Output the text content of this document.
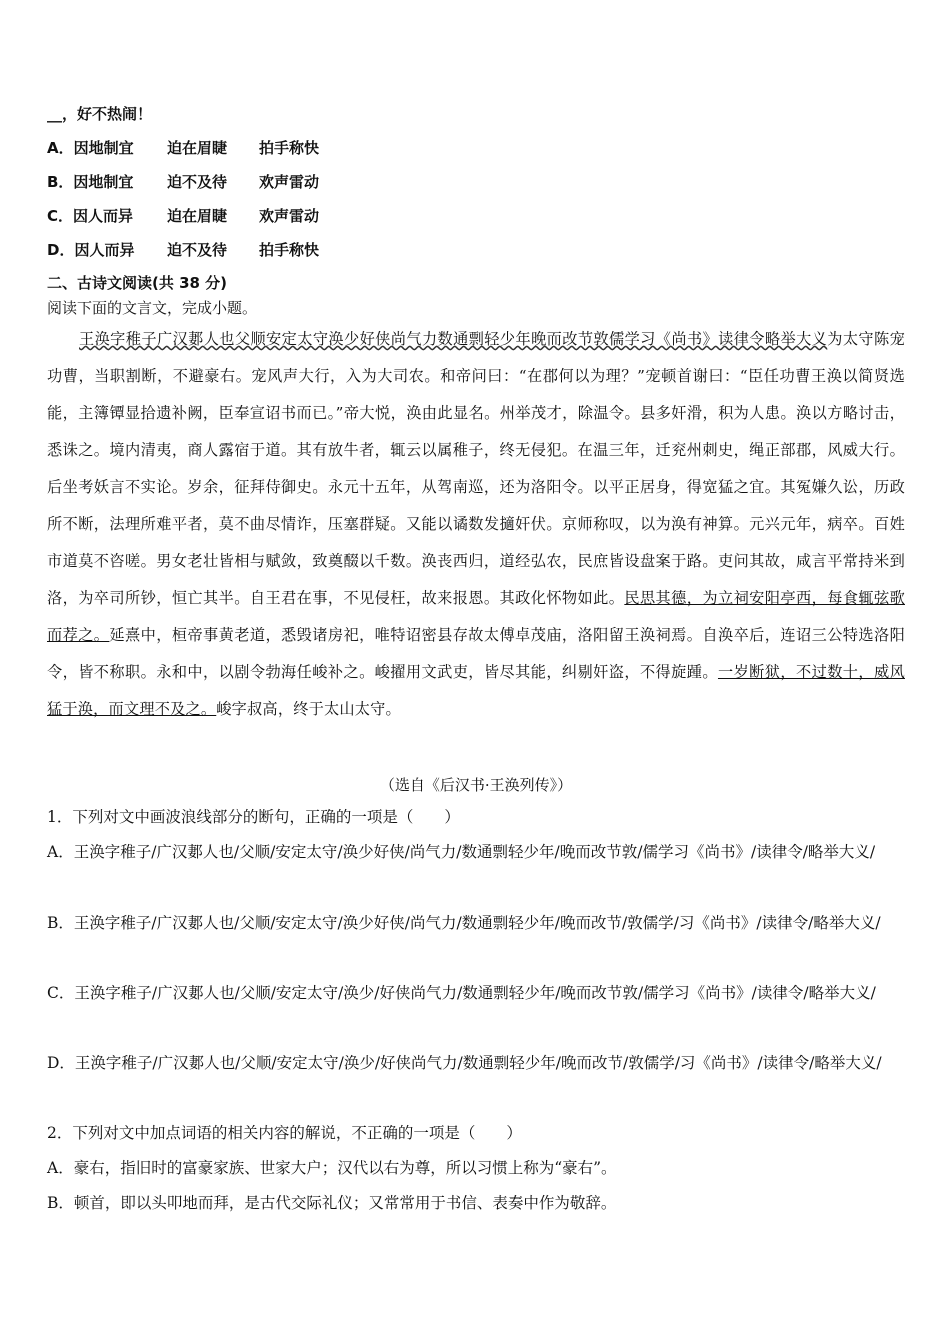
__，好不热闹！
A．因地制宜 迫在眉睫 拍手称快
B．因地制宜 迫不及待 欢声雷动
C．因人而异 迫在眉睫 欢声雷动
D．因人而异 迫不及待 拍手称快
二、古诗文阅读(共 38 分)
阅读下面的文言文，完成小题。
王涣字稚子广汉郪人也父顺安定太守涣少好侠尚气力数通剽轻少年晚而改节敦儒学习《尚书》读律令略举大义为太守陈宠功曹，当职割断，不避豪右。宠风声大行，入为大司农。和帝问曰：“在郡何以为理？”宠顿首谢曰：“臣任功曹王涣以简贤选能，主簿镡显拾遗补阙，臣奉宣诏书而已。”帝大悦，涣由此显名。州举茂才，除温令。县多奸滑，积为人患。涣以方略讨击，悉诛之。境内清夷，商人露宿于道。其有放牛者，辄云以属稚子，终无侵犯。在温三年，迁兖州刺史，绳正部郡，风威大行。后坐考妖言不实论。岁余，征拜侍御史。永元十五年，从驾南巡，还为洛阳令。以平正居身，得宽猛之宜。其冤嫌久讼，历政所不断，法理所难平者，莫不曲尽情诈，压塞群疑。又能以谲数发擿奸伏。京师称叹，以为涣有神算。元兴元年，病卒。百姓市道莫不咨嗟。男女老壮皆相与赋敛，致奠醊以千数。涣丧西归，道经弘农，民庶皆设盘案于路。吏问其故，咸言平常持米到洛，为卒司所钞，恒亡其半。自王君在事，不见侵枉，故来报恩。其政化怀物如此。民思其德，为立祠安阳亭西，每食辄弦歌而荐之。延熹中，桓帝事黄老道，悉毁诸房祀，唯特诏密县存故太傅卓茂庙，洛阳留王涣祠焉。自涣卒后，连诏三公特选洛阳令，皆不称职。永和中，以剧令勃海任峻补之。峻擢用文武吏，皆尽其能，纠剔奸盗，不得旋踵。一岁断狱，不过数十，威风猛于涣，而文理不及之。峻字叔高，终于太山太守。
（选自《后汉书·王涣列传》）
1．下列对文中画波浪线部分的断句，正确的一项是（　　）
A．王涣字稚子/广汉郪人也/父顺/安定太守/涣少好侠/尚气力/数通剽轻少年/晚而改节敦/儒学习《尚书》/读律令/略举大义/
B．王涣字稚子/广汉郪人也/父顺/安定太守/涣少好侠/尚气力/数通剽轻少年/晚而改节/敦儒学/习《尚书》/读律令/略举大义/
C．王涣字稚子/广汉郪人也/父顺/安定太守/涣少/好侠尚气力/数通剽轻少年/晚而改节敦/儒学习《尚书》/读律令/略举大义/
D．王涣字稚子/广汉郪人也/父顺/安定太守/涣少/好侠尚气力/数通剽轻少年/晚而改节/敦儒学/习《尚书》/读律令/略举大义/
2．下列对文中加点词语的相关内容的解说，不正确的一项是（　　）
A．豪右，指旧时的富豪家族、世家大户；汉代以右为尊，所以习惯上称为“豪右”。
B．顿首，即以头叩地而拜，是古代交际礼仪；又常常用于书信、表奏中作为敬辞。
